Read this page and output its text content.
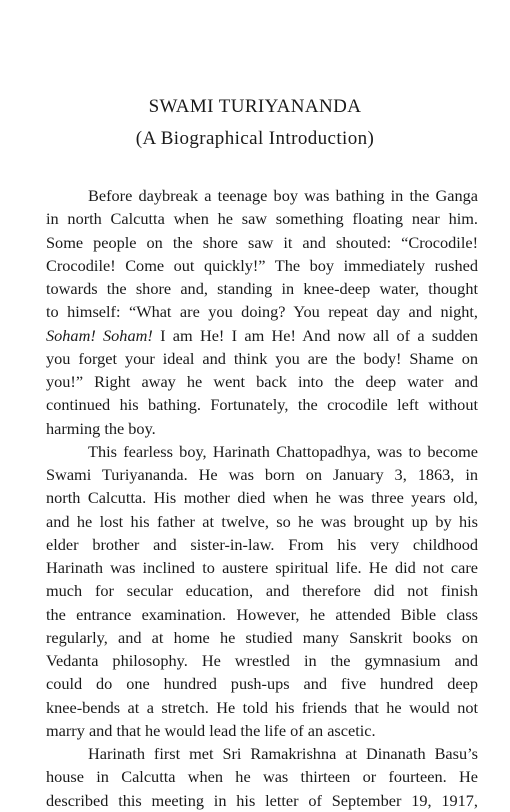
SWAMI TURIYANANDA
(A Biographical Introduction)
Before daybreak a teenage boy was bathing in the Ganga
in north Calcutta when he saw something floating near him.
Some people on the shore saw it and shouted: “Crocodile!
Crocodile! Come out quickly!” The boy immediately rushed
towards the shore and, standing in knee-deep water, thought
to himself: “What are you doing? You repeat day and night,
Soham! Soham! I am He! I am He! And now all of a sudden
you forget your ideal and think you are the body! Shame on
you!” Right away he went back into the deep water and
continued his bathing. Fortunately, the crocodile left without
harming the boy.
This fearless boy, Harinath Chattopadhya, was to become
Swami Turiyananda. He was born on January 3, 1863, in
north Calcutta. His mother died when he was three years old,
and he lost his father at twelve, so he was brought up by his
elder brother and sister-in-law. From his very childhood
Harinath was inclined to austere spiritual life. He did not care
much for secular education, and therefore did not finish
the entrance examination. However, he attended Bible class
regularly, and at home he studied many Sanskrit books on
Vedanta philosophy. He wrestled in the gymnasium and
could do one hundred push-ups and five hundred deep
knee-bends at a stretch. He told his friends that he would not
marry and that he would lead the life of an ascetic.
Harinath first met Sri Ramakrishna at Dinanath Basu’s
house in Calcutta when he was thirteen or fourteen. He
described this meeting in his letter of September 19, 1917,
